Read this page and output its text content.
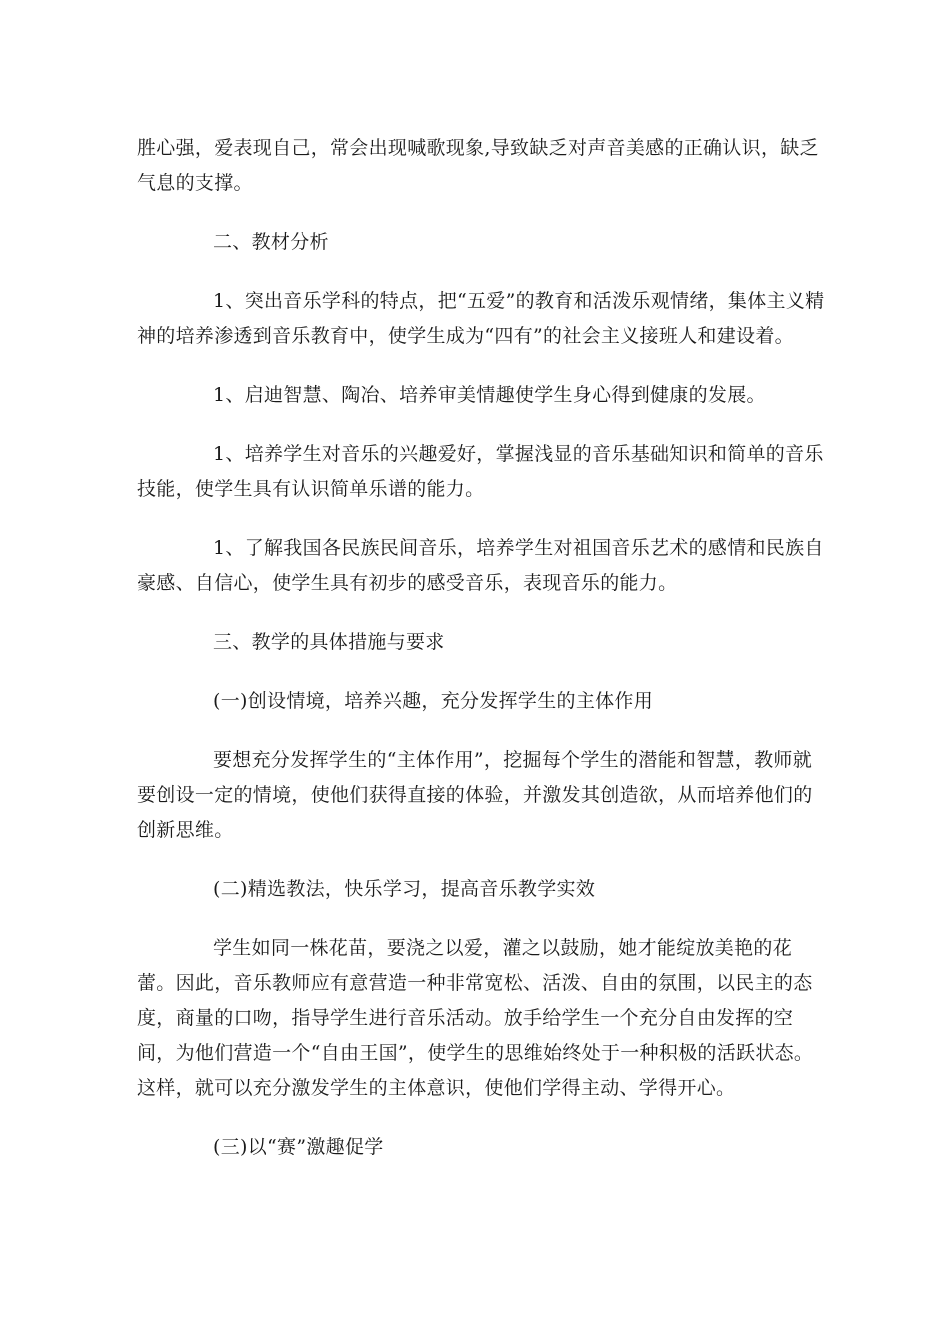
胜心强，爱表现自己，常会出现喊歌现象,导致缺乏对声音美感的正确认识，缺乏气息的支撑。

二、教材分析

1、突出音乐学科的特点，把“五爱”的教育和活泼乐观情绪，集体主义精神的培养渗透到音乐教育中，使学生成为“四有”的社会主义接班人和建设着。

1、启迪智慧、陶冶、培养审美情趣使学生身心得到健康的发展。

1、培养学生对音乐的兴趣爱好，掌握浅显的音乐基础知识和简单的音乐技能，使学生具有认识简单乐谱的能力。

1、了解我国各民族民间音乐，培养学生对祖国音乐艺术的感情和民族自豪感、自信心，使学生具有初步的感受音乐，表现音乐的能力。

三、教学的具体措施与要求

(一)创设情境，培养兴趣，充分发挥学生的主体作用

要想充分发挥学生的“主体作用”，挖掘每个学生的潜能和智慧，教师就要创设一定的情境，使他们获得直接的体验，并激发其创造欲，从而培养他们的创新思维。

(二)精选教法，快乐学习，提高音乐教学实效

学生如同一株花苗，要浇之以爱，灌之以鼓励，她才能绽放美艳的花蕾。因此，音乐教师应有意营造一种非常宽松、活泼、自由的氛围，以民主的态度，商量的口吻，指导学生进行音乐活动。放手给学生一个充分自由发挥的空间，为他们营造一个“自由王国”，使学生的思维始终处于一种积极的活跃状态。这样，就可以充分激发学生的主体意识，使他们学得主动、学得开心。

(三)以“赛”激趣促学
